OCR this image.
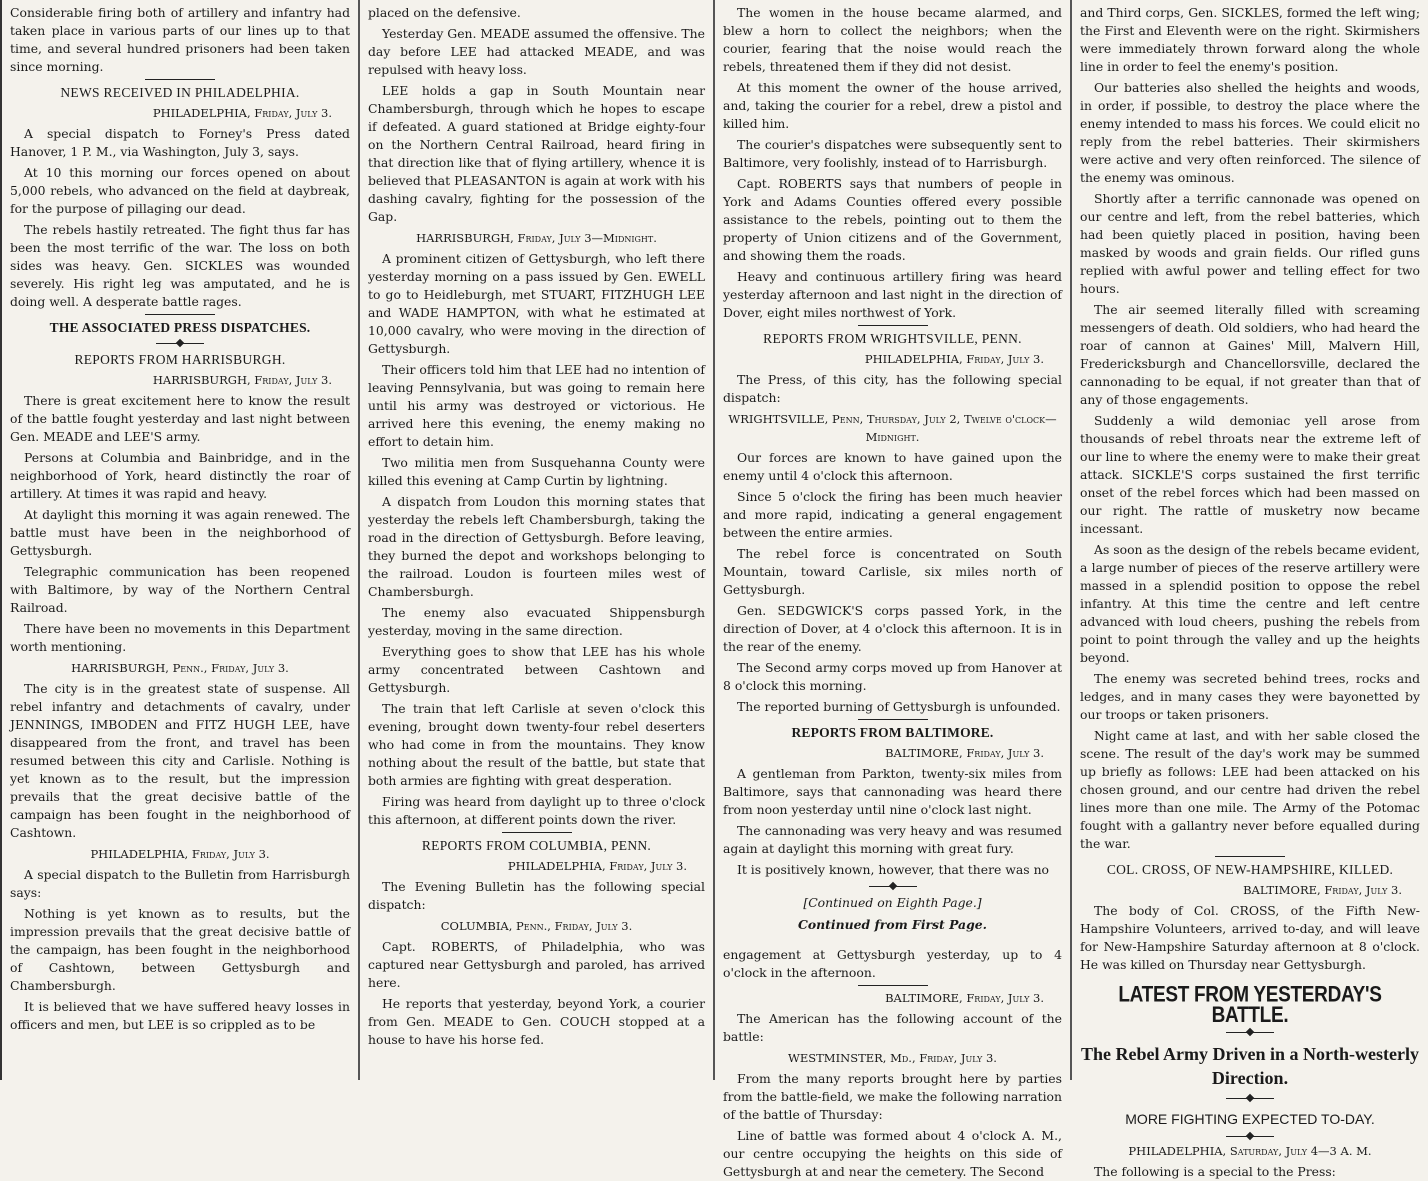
Considerable firing both of artillery and infantry had taken place in various parts of our lines up to that time, and several hundred prisoners had been taken since morning.

NEWS RECEIVED IN PHILADELPHIA.
PHILADELPHIA, Friday, July 3.

A special dispatch to Forney's Press dated Hanover, 1 P. M., via Washington, July 3, says.

At 10 this morning our forces opened on about 5,000 rebels, who advanced on the field at daybreak, for the purpose of pillaging our dead.

The rebels hastily retreated. The fight thus far has been the most terrific of the war. The loss on both sides was heavy. Gen. SICKLES was wounded severely. His right leg was amputated, and he is doing well. A desperate battle rages.

THE ASSOCIATED PRESS DISPATCHES.
REPORTS FROM HARRISBURGH.
HARRISBURGH, Friday, July 3.

There is great excitement here to know the result of the battle fought yesterday and last night between Gen. MEADE and LEE'S army.

Persons at Columbia and Bainbridge, and in the neighborhood of York, heard distinctly the roar of artillery. At times it was rapid and heavy.

At daylight this morning it was again renewed. The battle must have been in the neighborhood of Gettysburgh.

Telegraphic communication has been reopened with Baltimore, by way of the Northern Central Railroad.

There have been no movements in this Department worth mentioning.

HARRISBURGH, Penn., Friday, July 3.

The city is in the greatest state of suspense. All rebel infantry and detachments of cavalry, under JENNINGS, IMBODEN and FITZ HUGH LEE, have disappeared from the front, and travel has been resumed between this city and Carlisle. Nothing is yet known as to the result, but the impression prevails that the great decisive battle of the campaign has been fought in the neighborhood of Cashtown.

PHILADELPHIA, Friday, July 3.

A special dispatch to the Bulletin from Harrisburgh says:

Nothing is yet known as to results, but the impression prevails that the great decisive battle of the campaign, has been fought in the neighborhood of Cashtown, between Gettysburgh and Chambersburgh.

It is believed that we have suffered heavy losses in officers and men, but LEE is so crippled as to be

placed on the defensive.

Yesterday Gen. MEADE assumed the offensive. The day before LEE had attacked MEADE, and was repulsed with heavy loss.

LEE holds a gap in South Mountain near Chambersburgh, through which he hopes to escape if defeated. A guard stationed at Bridge eighty-four on the Northern Central Railroad, heard firing in that direction like that of flying artillery, whence it is believed that PLEASANTON is again at work with his dashing cavalry, fighting for the possession of the Gap.

HARRISBURGH, Friday, July 3—Midnight.

A prominent citizen of Gettysburgh, who left there yesterday morning on a pass issued by Gen. EWELL to go to Heidleburgh, met STUART, FITZHUGH LEE and WADE HAMPTON, with what he estimated at 10,000 cavalry, who were moving in the direction of Gettysburgh.

Their officers told him that LEE had no intention of leaving Pennsylvania, but was going to remain here until his army was destroyed or victorious. He arrived here this evening, the enemy making no effort to detain him.

Two militia men from Susquehanna County were killed this evening at Camp Curtin by lightning.

A dispatch from Loudon this morning states that yesterday the rebels left Chambersburgh, taking the road in the direction of Gettysburgh. Before leaving, they burned the depot and workshops belonging to the railroad. Loudon is fourteen miles west of Chambersburgh.

The enemy also evacuated Shippensburgh yesterday, moving in the same direction.

Everything goes to show that LEE has his whole army concentrated between Cashtown and Gettysburgh.

The train that left Carlisle at seven o'clock this evening, brought down twenty-four rebel deserters who had come in from the mountains. They know nothing about the result of the battle, but state that both armies are fighting with great desperation.

Firing was heard from daylight up to three o'clock this afternoon, at different points down the river.

REPORTS FROM COLUMBIA, PENN.
PHILADELPHIA, Friday, July 3.

The Evening Bulletin has the following special dispatch:

COLUMBIA, Penn., Friday, July 3.

Capt. ROBERTS, of Philadelphia, who was captured near Gettysburgh and paroled, has arrived here.

He reports that yesterday, beyond York, a courier from Gen. MEADE to Gen. COUCH stopped at a house to have his horse fed.

The women in the house became alarmed, and blew a horn to collect the neighbors; when the courier, fearing that the noise would reach the rebels, threatened them if they did not desist.

At this moment the owner of the house arrived, and, taking the courier for a rebel, drew a pistol and killed him.

The courier's dispatches were subsequently sent to Baltimore, very foolishly, instead of to Harrisburgh.

Capt. ROBERTS says that numbers of people in York and Adams Counties offered every possible assistance to the rebels, pointing out to them the property of Union citizens and of the Government, and showing them the roads.

Heavy and continuous artillery firing was heard yesterday afternoon and last night in the direction of Dover, eight miles northwest of York.

REPORTS FROM WRIGHTSVILLE, PENN.
PHILADELPHIA, Friday, July 3.

The Press, of this city, has the following special dispatch:

WRIGHTSVILLE, Penn, Thursday, July 2, Twelve o'clock—Midnight.

Our forces are known to have gained upon the enemy until 4 o'clock this afternoon.

Since 5 o'clock the firing has been much heavier and more rapid, indicating a general engagement between the entire armies.

The rebel force is concentrated on South Mountain, toward Carlisle, six miles north of Gettysburgh.

Gen. SEDGWICK'S corps passed York, in the direction of Dover, at 4 o'clock this afternoon. It is in the rear of the enemy.

The Second army corps moved up from Hanover at 8 o'clock this morning.

The reported burning of Gettysburgh is unfounded.

REPORTS FROM BALTIMORE.
BALTIMORE, Friday, July 3.

A gentleman from Parkton, twenty-six miles from Baltimore, says that cannonading was heard there from noon yesterday until nine o'clock last night.

The cannonading was very heavy and was resumed again at daylight this morning with great fury.

It is positively known, however, that there was no

[Continued on Eighth Page.]
Continued from First Page.

engagement at Gettysburgh yesterday, up to 4 o'clock in the afternoon.

BALTIMORE, Friday, July 3.

The American has the following account of the battle:

WESTMINSTER, Md., Friday, July 3.

From the many reports brought here by parties from the battle-field, we make the following narration of the battle of Thursday:

Line of battle was formed about 4 o'clock A. M., our centre occupying the heights on this side of Gettysburgh at and near the cemetery. The Second

and Third corps, Gen. SICKLES, formed the left wing; the First and Eleventh were on the right. Skirmishers were immediately thrown forward along the whole line in order to feel the enemy's position.

Our batteries also shelled the heights and woods, in order, if possible, to destroy the place where the enemy intended to mass his forces. We could elicit no reply from the rebel batteries. Their skirmishers were active and very often reinforced. The silence of the enemy was ominous.

Shortly after a terrific cannonade was opened on our centre and left, from the rebel batteries, which had been quietly placed in position, having been masked by woods and grain fields. Our rifled guns replied with awful power and telling effect for two hours.

The air seemed literally filled with screaming messengers of death. Old soldiers, who had heard the roar of cannon at Gaines' Mill, Malvern Hill, Fredericksburgh and Chancellorsville, declared the cannonading to be equal, if not greater than that of any of those engagements.

Suddenly a wild demoniac yell arose from thousands of rebel throats near the extreme left of our line to where the enemy were to make their great attack. SICKLE'S corps sustained the first terrific onset of the rebel forces which had been massed on our right. The rattle of musketry now became incessant.

As soon as the design of the rebels became evident, a large number of pieces of the reserve artillery were massed in a splendid position to oppose the rebel infantry. At this time the centre and left centre advanced with loud cheers, pushing the rebels from point to point through the valley and up the heights beyond.

The enemy was secreted behind trees, rocks and ledges, and in many cases they were bayonetted by our troops or taken prisoners.

Night came at last, and with her sable closed the scene. The result of the day's work may be summed up briefly as follows: LEE had been attacked on his chosen ground, and our centre had driven the rebel lines more than one mile. The Army of the Potomac fought with a gallantry never before equalled during the war.

COL. CROSS, OF NEW-HAMPSHIRE, KILLED.
BALTIMORE, Friday, July 3.

The body of Col. CROSS, of the Fifth New-Hampshire Volunteers, arrived to-day, and will leave for New-Hampshire Saturday afternoon at 8 o'clock. He was killed on Thursday near Gettysburgh.

LATEST FROM YESTERDAY'S BATTLE.
The Rebel Army Driven in a North-westerly Direction.
MORE FIGHTING EXPECTED TO-DAY.
PHILADELPHIA, Saturday, July 4—3 A. M.

The following is a special to the Press:
